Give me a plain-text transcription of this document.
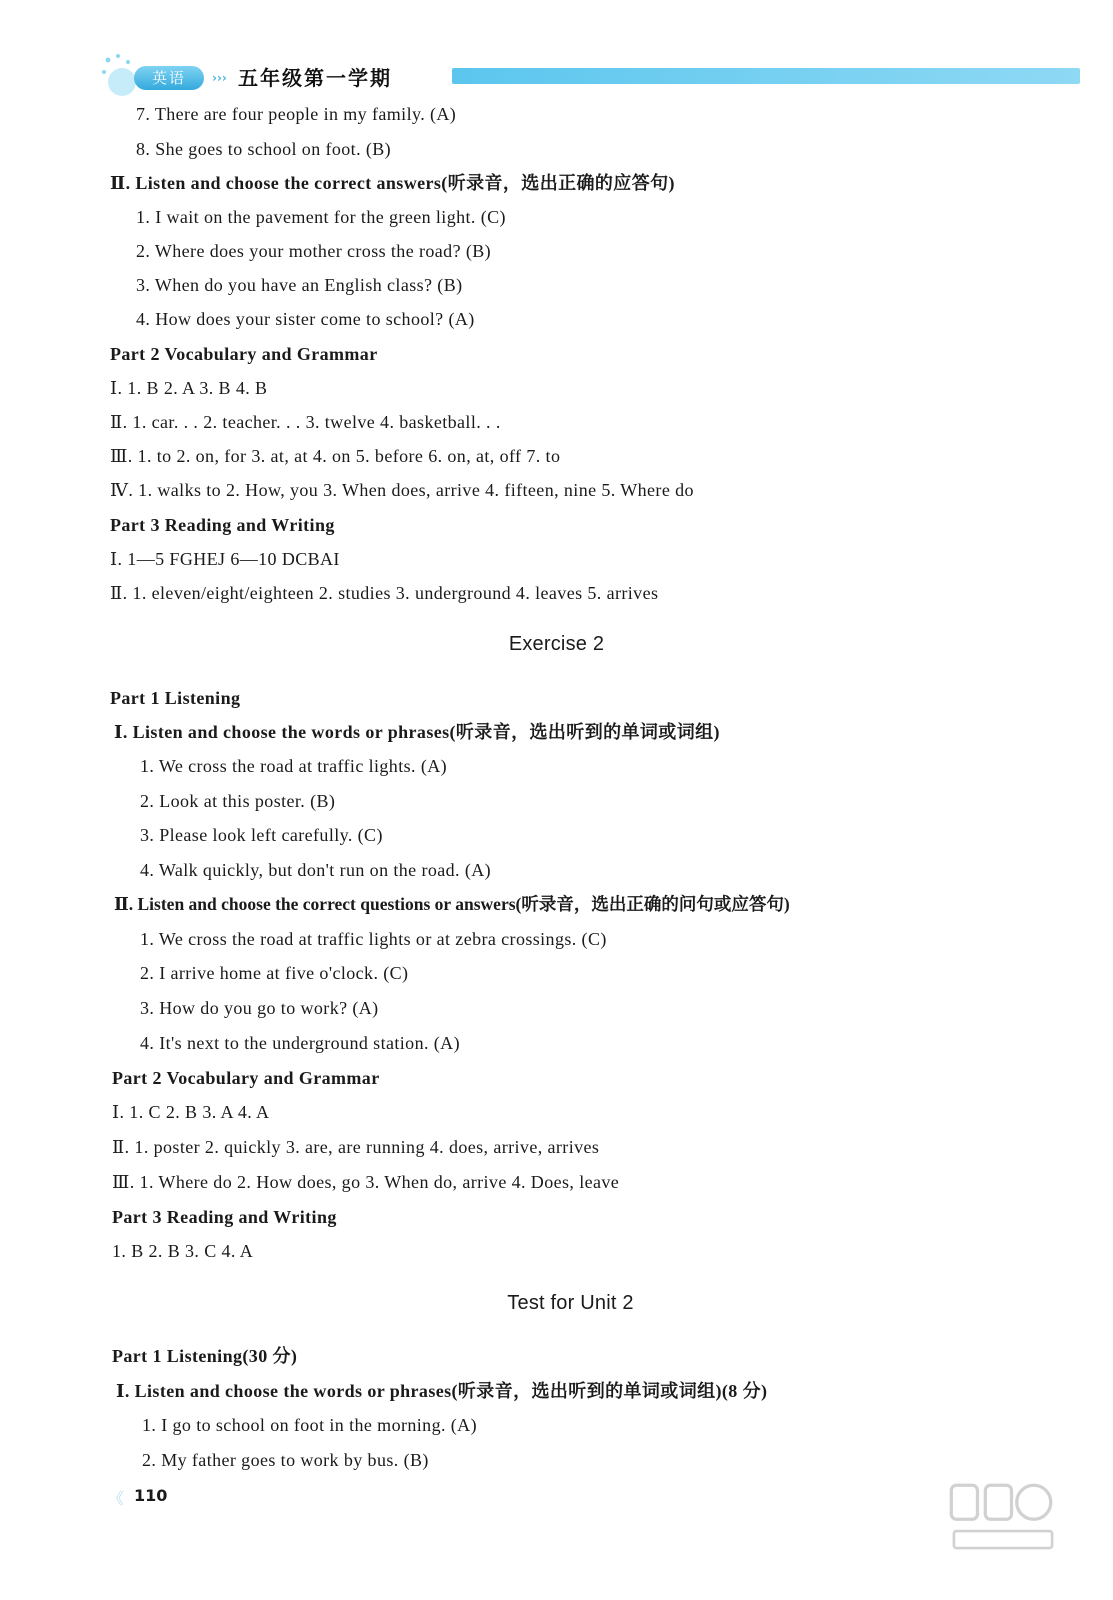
英语	››› 五年级第一学期
7. There are four people in my family. (A)
8. She goes to school on foot. (B)
Ⅱ. Listen and choose the correct answers(听录音，选出正确的应答句)
1. I wait on the pavement for the green light. (C)
2. Where does your mother cross the road? (B)
3. When do you have an English class? (B)
4. How does your sister come to school? (A)
Part 2 Vocabulary and Grammar
Ⅰ. 1. B 2. A 3. B 4. B
Ⅱ. 1. car. . . 2. teacher. . . 3. twelve 4. basketball. . .
Ⅲ. 1. to 2. on, for 3. at, at 4. on 5. before 6. on, at, off 7. to
Ⅳ. 1. walks to 2. How, you 3. When does, arrive 4. fifteen, nine 5. Where do
Part 3 Reading and Writing
Ⅰ. 1—5 FGHEJ 6—10 DCBAI
Ⅱ. 1. eleven/eight/eighteen 2. studies 3. underground 4. leaves 5. arrives
Exercise 2
Part 1 Listening
Ⅰ. Listen and choose the words or phrases(听录音，选出听到的单词或词组)
1. We cross the road at traffic lights. (A)
2. Look at this poster. (B)
3. Please look left carefully. (C)
4. Walk quickly, but don't run on the road. (A)
Ⅱ. Listen and choose the correct questions or answers(听录音，选出正确的问句或应答句)
1. We cross the road at traffic lights or at zebra crossings. (C)
2. I arrive home at five o'clock. (C)
3. How do you go to work? (A)
4. It's next to the underground station. (A)
Part 2 Vocabulary and Grammar
Ⅰ. 1. C 2. B 3. A 4. A
Ⅱ. 1. poster 2. quickly 3. are, are running 4. does, arrive, arrives
Ⅲ. 1. Where do 2. How does, go 3. When do, arrive 4. Does, leave
Part 3 Reading and Writing
1. B 2. B 3. C 4. A
Test for Unit 2
Part 1 Listening(30 分)
Ⅰ. Listen and choose the words or phrases(听录音，选出听到的单词或词组)(8 分)
1. I go to school on foot in the morning. (A)
2. My father goes to work by bus. (B)
《 110
